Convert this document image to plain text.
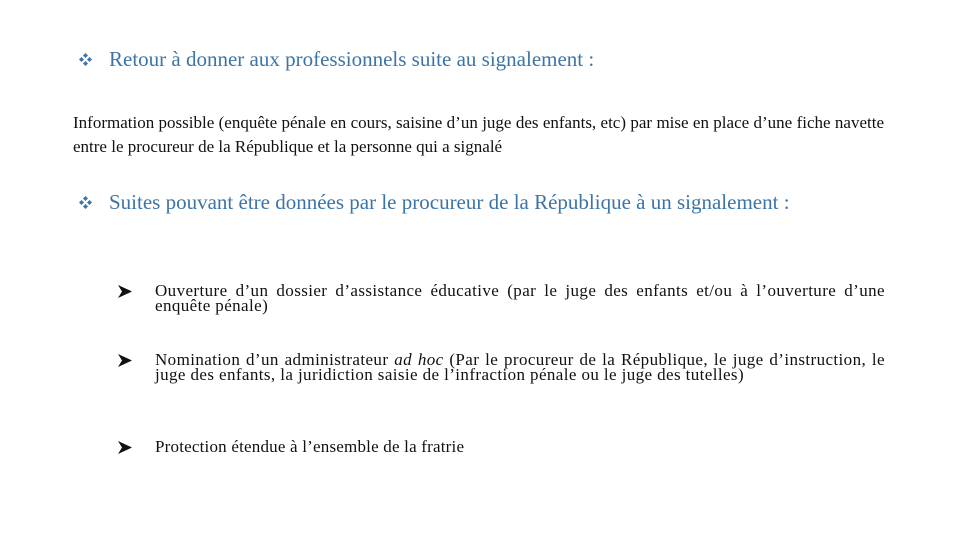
Retour à donner aux professionnels suite au signalement :
Information possible (enquête pénale en cours, saisine d’un juge des enfants, etc) par mise en place d’une fiche navette entre le procureur de la République et la personne qui a signalé
Suites pouvant être données par le procureur de la République à un signalement :
Ouverture d’un dossier d’assistance éducative (par le juge des enfants et/ou à l’ouverture d’une enquête pénale)
Nomination d’un administrateur ad hoc (Par le procureur de la République, le juge d’instruction, le juge des enfants, la juridiction saisie de l’infraction pénale ou le juge des tutelles)
Protection étendue à l’ensemble de la fratrie
